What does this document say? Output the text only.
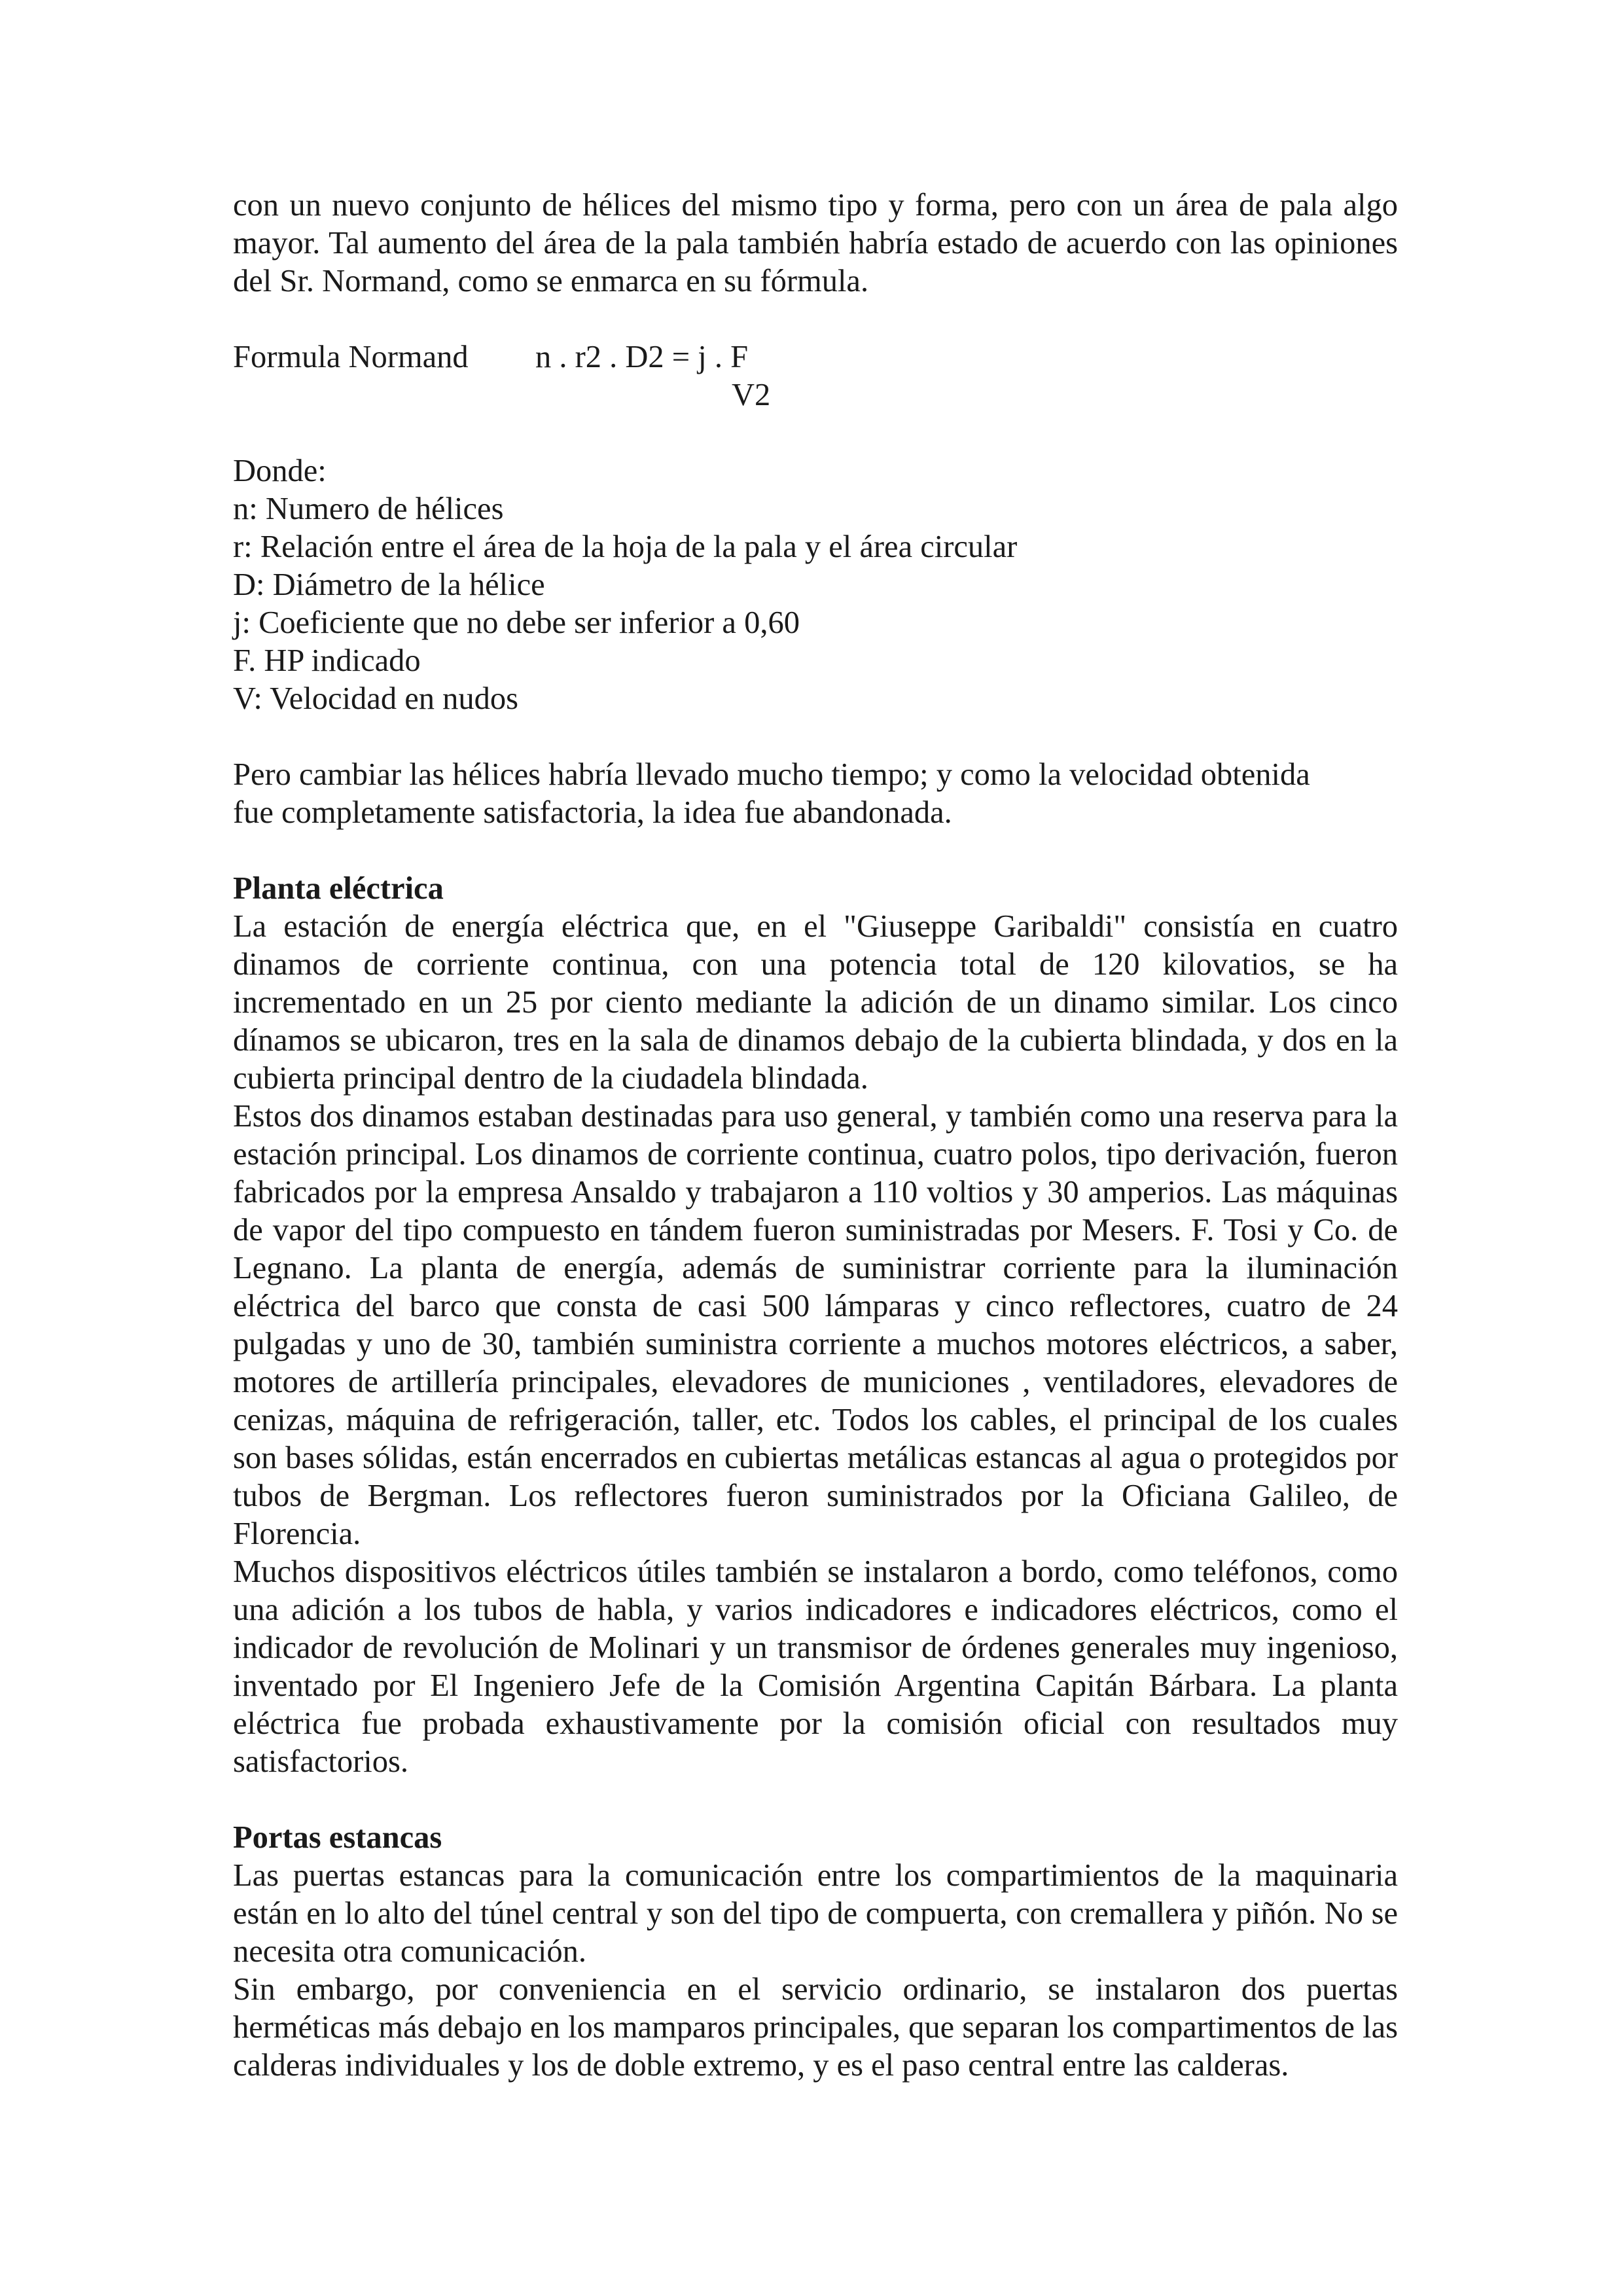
con un nuevo conjunto de hélices del mismo tipo y forma, pero con un área de pala algo mayor. Tal aumento del área de la pala también habría estado de acuerdo con las opiniones del Sr. Normand, como se enmarca en su fórmula.

Formula Normand n . r2 . D2 = j . F
V2

Donde:

n: Numero de hélices

r: Relación entre el área de la hoja de la pala y el área circular

D: Diámetro de la hélice

j: Coeficiente que no debe ser inferior a 0,60

F. HP indicado

V: Velocidad en nudos

Pero cambiar las hélices habría llevado mucho tiempo; y como la velocidad obtenida

fue completamente satisfactoria, la idea fue abandonada.

Planta eléctrica

La estación de energía eléctrica que, en el "Giuseppe Garibaldi" consistía en cuatro dinamos de corriente continua, con una potencia total de 120 kilovatios, se ha incrementado en un 25 por ciento mediante la adición de un dinamo similar. Los cinco dínamos se ubicaron, tres en la sala de dinamos debajo de la cubierta blindada, y dos en la cubierta principal dentro de la ciudadela blindada.

Estos dos dinamos estaban destinadas para uso general, y también como una reserva para la estación principal. Los dinamos de corriente continua, cuatro polos, tipo derivación, fueron fabricados por la empresa Ansaldo y trabajaron a 110 voltios y 30 amperios. Las máquinas de vapor del tipo compuesto en tándem fueron suministradas por Mesers. F. Tosi y Co. de Legnano. La planta de energía, además de suministrar corriente para la iluminación eléctrica del barco que consta de casi 500 lámparas y cinco reflectores, cuatro de 24 pulgadas y uno de 30, también suministra corriente a muchos motores eléctricos, a saber, motores de artillería principales, elevadores de municiones , ventiladores, elevadores de cenizas, máquina de refrigeración, taller, etc. Todos los cables, el principal de los cuales son bases sólidas, están encerrados en cubiertas metálicas estancas al agua o protegidos por tubos de Bergman. Los reflectores fueron suministrados por la Oficiana Galileo, de Florencia.

Muchos dispositivos eléctricos útiles también se instalaron a bordo, como teléfonos, como una adición a los tubos de habla, y varios indicadores e indicadores eléctricos, como el indicador de revolución de Molinari y un transmisor de órdenes generales muy ingenioso, inventado por El Ingeniero Jefe de la Comisión Argentina Capitán Bárbara. La planta eléctrica fue probada exhaustivamente por la comisión oficial con resultados muy satisfactorios.

Portas estancas

Las puertas estancas para la comunicación entre los compartimientos de la maquinaria están en lo alto del túnel central y son del tipo de compuerta, con cremallera y piñón. No se necesita otra comunicación.

Sin embargo, por conveniencia en el servicio ordinario, se instalaron dos puertas herméticas más debajo en los mamparos principales, que separan los compartimentos de las calderas individuales y los de doble extremo, y es el paso central entre las calderas.
